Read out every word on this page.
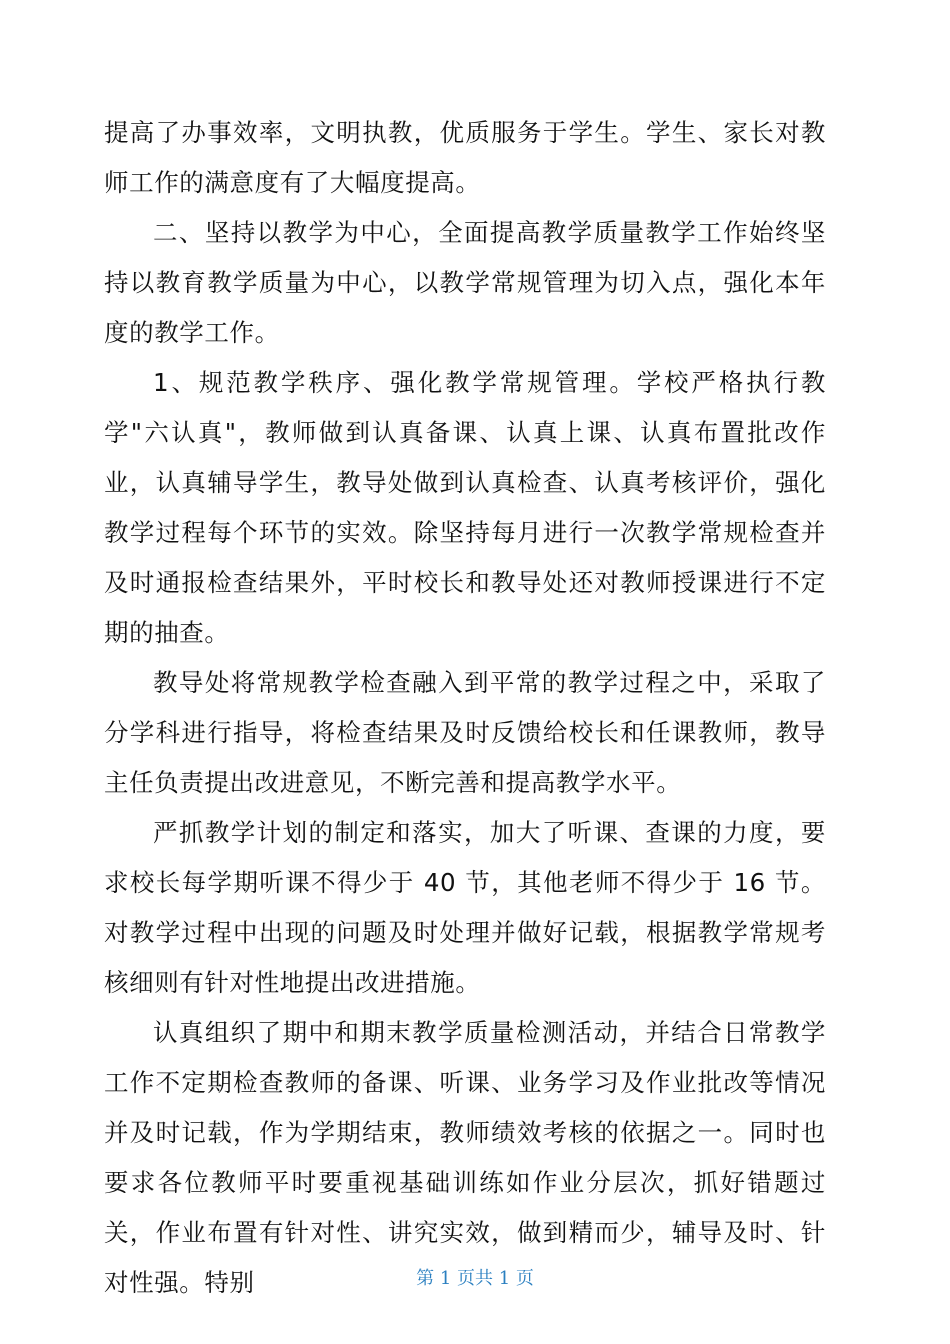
提高了办事效率，文明执教，优质服务于学生。学生、家长对教师工作的满意度有了大幅度提高。

二、坚持以教学为中心，全面提高教学质量教学工作始终坚持以教育教学质量为中心，以教学常规管理为切入点，强化本年度的教学工作。

1、规范教学秩序、强化教学常规管理。学校严格执行教学"六认真"，教师做到认真备课、认真上课、认真布置批改作业，认真辅导学生，教导处做到认真检查、认真考核评价，强化教学过程每个环节的实效。除坚持每月进行一次教学常规检查并及时通报检查结果外，平时校长和教导处还对教师授课进行不定期的抽查。

教导处将常规教学检查融入到平常的教学过程之中，采取了分学科进行指导，将检查结果及时反馈给校长和任课教师，教导主任负责提出改进意见，不断完善和提高教学水平。

严抓教学计划的制定和落实，加大了听课、查课的力度，要求校长每学期听课不得少于 40 节，其他老师不得少于 16 节。对教学过程中出现的问题及时处理并做好记载，根据教学常规考核细则有针对性地提出改进措施。

认真组织了期中和期末教学质量检测活动，并结合日常教学工作不定期检查教师的备课、听课、业务学习及作业批改等情况并及时记载，作为学期结束，教师绩效考核的依据之一。同时也要求各位教师平时要重视基础训练如作业分层次，抓好错题过关，作业布置有针对性、讲究实效，做到精而少，辅导及时、针对性强。特别	第 1 页共 1 页
